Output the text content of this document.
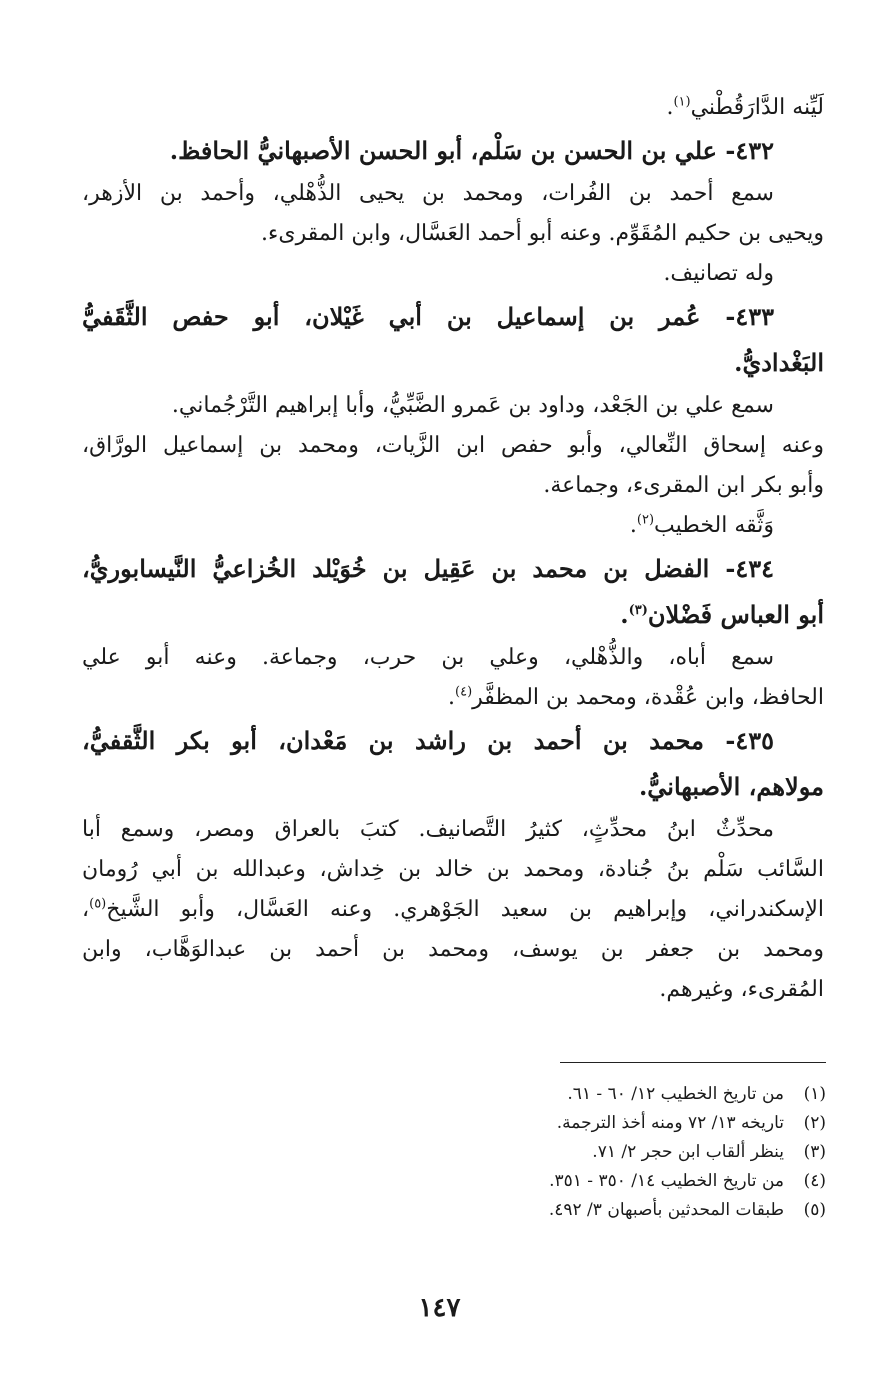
لَيِّنه الدَّارَقُطْني$^{(١)}$.
٤٣٢- علي بن الحسن بن سَلْم، أبو الحسن الأصبهانيُّ الحافظ.
سمع أحمد بن الفُرات، ومحمد بن يحيى الذُّهْلي، وأحمد بن الأزهر،
ويحيى بن حكيم المُقَوِّم. وعنه أبو أحمد العَسَّال، وابن المقرىء.
وله تصانيف.
٤٣٣- عُمر بن إسماعيل بن أبي غَيْلان، أبو حفص الثَّقَفيُّ
البَغْداديُّ.
سمع علي بن الجَعْد، وداود بن عَمرو الضَّبِّيُّ، وأبا إبراهيم التَّرْجُماني.
وعنه إسحاق النِّعالي، وأبو حفص ابن الزَّيات، ومحمد بن إسماعيل الورَّاق،
وأبو بكر ابن المقرىء، وجماعة.
وَثَّقه الخطيب$^{(٢)}$.
٤٣٤- الفضل بن محمد بن عَقِيل بن خُوَيْلد الخُزاعيُّ النَّيسابوريُّ،
أبو العباس فَضْلان$^{(٣)}$.
سمع أباه، والذُّهْلي، وعلي بن حرب، وجماعة. وعنه أبو علي
الحافظ، وابن عُقْدة، ومحمد بن المظفَّر$^{(٤)}$.
٤٣٥- محمد بن أحمد بن راشد بن مَعْدان، أبو بكر الثَّقفيُّ،
مولاهم، الأصبهانيُّ.
محدِّثٌ ابنُ محدِّثٍ، كثيرُ التَّصانيف. كتبَ بالعراق ومصر، وسمع أبا
السَّائب سَلْم بنُ جُنادة، ومحمد بن خالد بن خِداش، وعبدالله بن أبي رُومان
الإسكندراني، وإبراهيم بن سعيد الجَوْهري. وعنه العَسَّال، وأبو الشَّيخ$^{(٥)}$،
ومحمد بن جعفر بن يوسف، ومحمد بن أحمد بن عبدالوَهَّاب، وابن
المُقرىء، وغيرهم.
(١)من تاريخ الخطيب ١٢/ ٦٠ - ٦١.
(٢)تاريخه ١٣/ ٧٢ ومنه أخذ الترجمة.
(٣)ينظر ألقاب ابن حجر ٢/ ٧١.
(٤)من تاريخ الخطيب ١٤/ ٣٥٠ - ٣٥١.
(٥)طبقات المحدثين بأصبهان ٣/ ٤٩٢.
١٤٧
